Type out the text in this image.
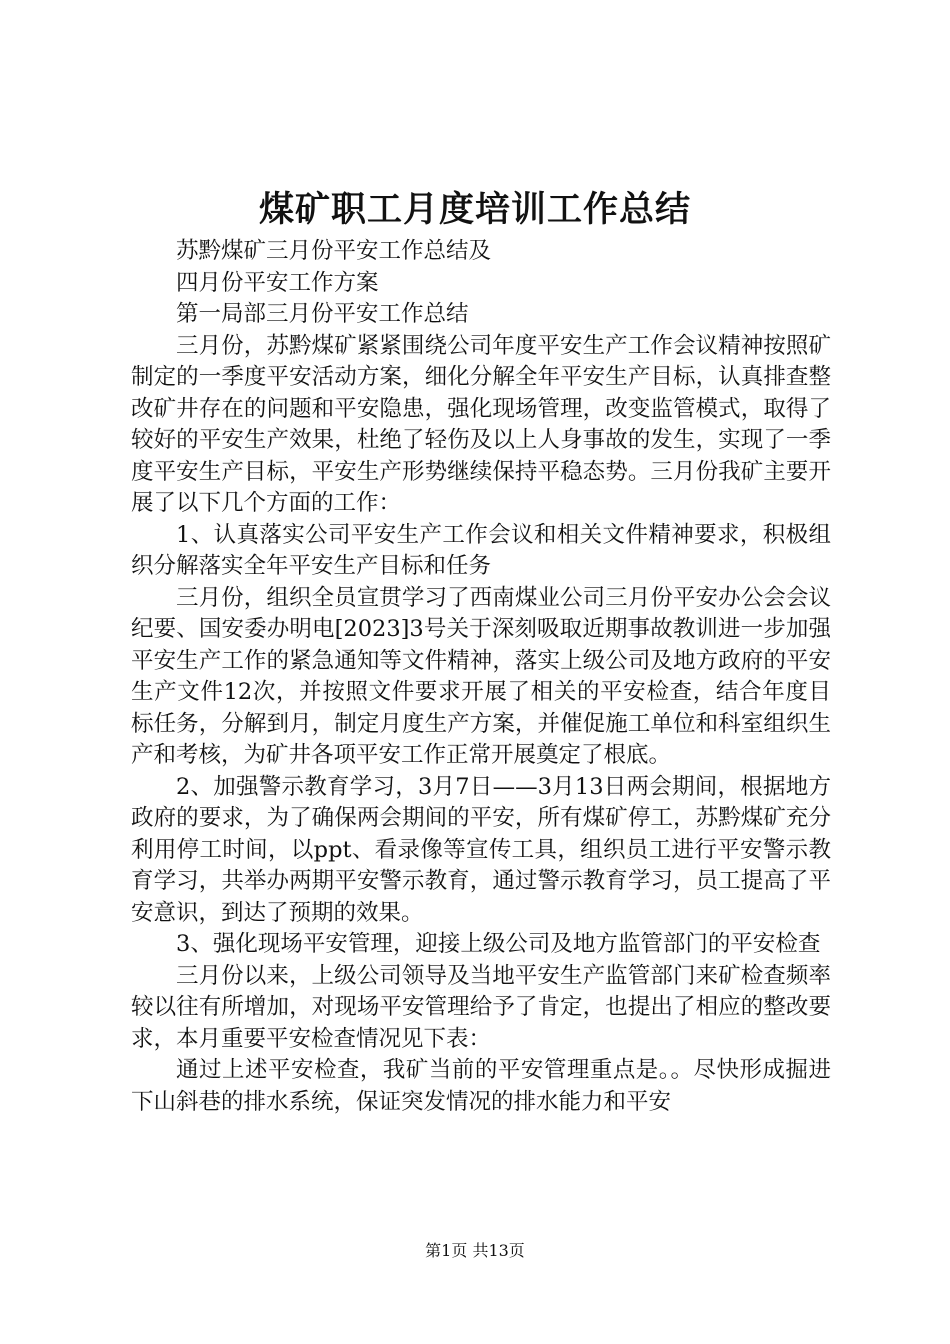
煤矿职工月度培训工作总结

苏黔煤矿三月份平安工作总结及

四月份平安工作方案

第一局部三月份平安工作总结

三月份，苏黔煤矿紧紧围绕公司年度平安生产工作会议精神按照矿制定的一季度平安活动方案，细化分解全年平安生产目标，认真排查整改矿井存在的问题和平安隐患，强化现场管理，改变监管模式，取得了较好的平安生产效果，杜绝了轻伤及以上人身事故的发生，实现了一季度平安生产目标，平安生产形势继续保持平稳态势。三月份我矿主要开展了以下几个方面的工作：

1、认真落实公司平安生产工作会议和相关文件精神要求，积极组织分解落实全年平安生产目标和任务

三月份，组织全员宣贯学习了西南煤业公司三月份平安办公会会议纪要、国安委办明电[2023]3号关于深刻吸取近期事故教训进一步加强平安生产工作的紧急通知等文件精神，落实上级公司及地方政府的平安生产文件12次，并按照文件要求开展了相关的平安检查，结合年度目标任务，分解到月，制定月度生产方案，并催促施工单位和科室组织生产和考核，为矿井各项平安工作正常开展奠定了根底。

2、加强警示教育学习，3月7日——3月13日两会期间，根据地方政府的要求，为了确保两会期间的平安，所有煤矿停工，苏黔煤矿充分利用停工时间，以ppt、看录像等宣传工具，组织员工进行平安警示教育学习，共举办两期平安警示教育，通过警示教育学习，员工提高了平安意识，到达了预期的效果。

3、强化现场平安管理，迎接上级公司及地方监管部门的平安检查

三月份以来，上级公司领导及当地平安生产监管部门来矿检查频率较以往有所增加，对现场平安管理给予了肯定，也提出了相应的整改要求，本月重要平安检查情况见下表：

通过上述平安检查，我矿当前的平安管理重点是。。尽快形成掘进下山斜巷的排水系统，保证突发情况的排水能力和平安

第1页 共13页
